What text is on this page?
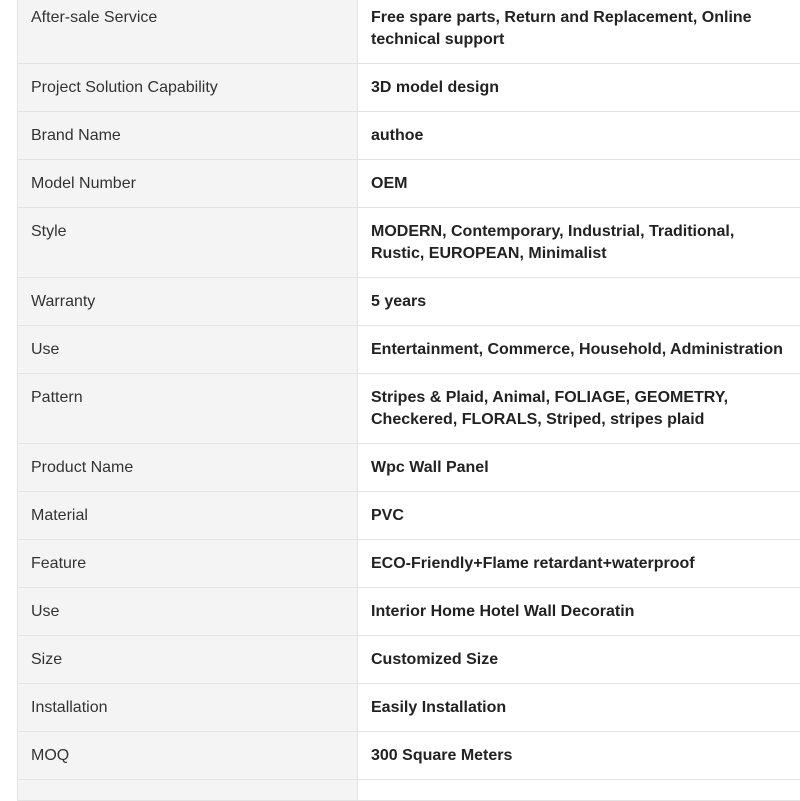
After-sale Service	Free spare parts, Return and Replacement, Online technical support
Project Solution Capability	3D model design
Brand Name	authoe
Model Number	OEM
Style	MODERN, Contemporary, Industrial, Traditional, Rustic, EUROPEAN, Minimalist
Warranty	5 years
Use	Entertainment, Commerce, Household, Administration
Pattern	Stripes & Plaid, Animal, FOLIAGE, GEOMETRY, Checkered, FLORALS, Striped, stripes plaid
Product Name	Wpc Wall Panel
Material	PVC
Feature	ECO-Friendly+Flame retardant+waterproof
Use	Interior Home Hotel Wall Decoratin
Size	Customized Size
Installation	Easily Installation
MOQ	300 Square Meters
